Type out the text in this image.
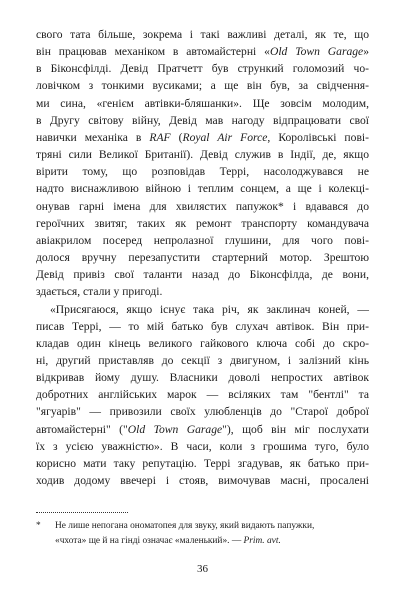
свого тата більше, зокрема і такі важливі деталі, як те, що
він працював механіком в автомайстерні «Old Town Garage»
в Біконсфілді. Девід Пратчетт був стрункий голомозий чо-
ловічком з тонкими вусиками; а ще він був, за свідчення-
ми сина, «генієм автівки-бляшанки». Ще зовсім молодим,
в Другу світову війну, Девід мав нагоду відпрацювати свої
навички механіка в RAF (Royal Air Force, Королівські пові-
тряні сили Великої Британії). Девід служив в Індії, де, якщо
вірити тому, що розповідав Террі, насолоджувався не
надто виснажливою війною і теплим сонцем, а ще і колекці-
онував гарні імена для хвилястих папужок* і вдавався до
героїчних звитяг, таких як ремонт транспорту командувача
авіакрилом посеред непролазної глушини, для чого пові-
долося вручну перезапустити стартерний мотор. Зрештою
Девід привіз свої таланти назад до Біконсфілда, де вони,
здається, стали у пригоді.
«Присягаюся, якщо існує така річ, як заклинач коней, —
писав Террі, — то мій батько був слухач автівок. Він при-
кладав один кінець великого гайкового ключа собі до скро-
ні, другий приставляв до секції з двигуном, і залізний кінь
відкривав йому душу. Власники доволі непростих автівок
добротних англійських марок — всіляких там "бентлі" та
"ягуарів" — привозили своїх улюбленців до "Старої доброї
автомайстерні" ("Old Town Garage"), щоб він міг послухати
їх з усією уважністю». В часи, коли з грошима туго, було
корисно мати таку репутацію. Террі згадував, як батько при-
ходив додому ввечері і стояв, вимочував масні, просалені
* Не лише непогана ономатопея для звуку, який видають папужки,
«чхота» ще й на гінді означає «маленький». — Prim. avt.
36
